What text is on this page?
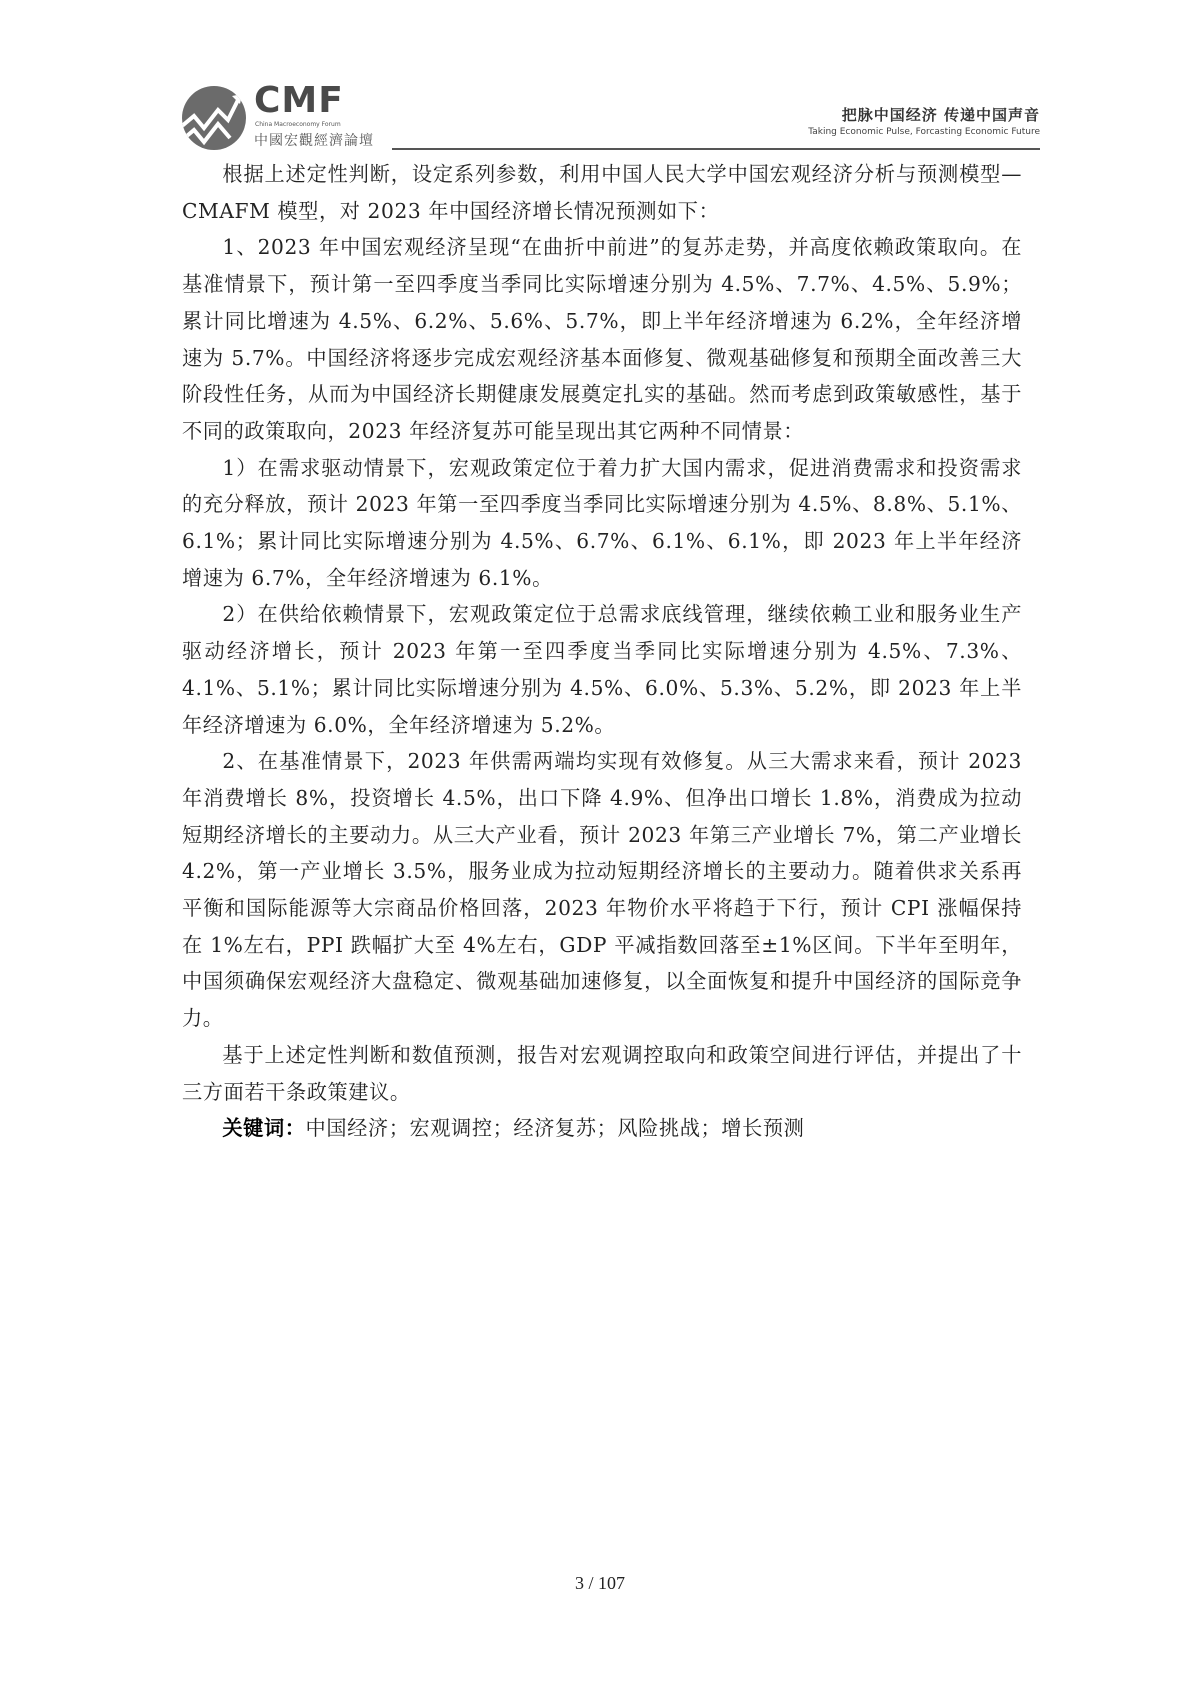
CMF
China Macroeconomy Forum
中國宏觀經濟論壇
把脉中国经济 传递中国声音
Taking Economic Pulse, Forcasting Economic Future

根据上述定性判断，设定系列参数，利用中国人民大学中国宏观经济分析与预测模型—CMAFM 模型，对 2023 年中国经济增长情况预测如下：

1、2023 年中国宏观经济呈现“在曲折中前进”的复苏走势，并高度依赖政策取向。在基准情景下，预计第一至四季度当季同比实际增速分别为 4.5%、7.7%、4.5%、5.9%；累计同比增速为 4.5%、6.2%、5.6%、5.7%，即上半年经济增速为 6.2%，全年经济增速为 5.7%。中国经济将逐步完成宏观经济基本面修复、微观基础修复和预期全面改善三大阶段性任务，从而为中国经济长期健康发展奠定扎实的基础。然而考虑到政策敏感性，基于不同的政策取向，2023 年经济复苏可能呈现出其它两种不同情景：

1）在需求驱动情景下，宏观政策定位于着力扩大国内需求，促进消费需求和投资需求的充分释放，预计 2023 年第一至四季度当季同比实际增速分别为 4.5%、8.8%、5.1%、6.1%；累计同比实际增速分别为 4.5%、6.7%、6.1%、6.1%，即 2023 年上半年经济增速为 6.7%，全年经济增速为 6.1%。

2）在供给依赖情景下，宏观政策定位于总需求底线管理，继续依赖工业和服务业生产驱动经济增长，预计 2023 年第一至四季度当季同比实际增速分别为 4.5%、7.3%、4.1%、5.1%；累计同比实际增速分别为 4.5%、6.0%、5.3%、5.2%，即 2023 年上半年经济增速为 6.0%，全年经济增速为 5.2%。

2、在基准情景下，2023 年供需两端均实现有效修复。从三大需求来看，预计 2023 年消费增长 8%，投资增长 4.5%，出口下降 4.9%、但净出口增长 1.8%，消费成为拉动短期经济增长的主要动力。从三大产业看，预计 2023 年第三产业增长 7%，第二产业增长 4.2%，第一产业增长 3.5%，服务业成为拉动短期经济增长的主要动力。随着供求关系再平衡和国际能源等大宗商品价格回落，2023 年物价水平将趋于下行，预计 CPI 涨幅保持在 1%左右，PPI 跌幅扩大至 4%左右，GDP 平减指数回落至±1%区间。下半年至明年，中国须确保宏观经济大盘稳定、微观基础加速修复，以全面恢复和提升中国经济的国际竞争力。

基于上述定性判断和数值预测，报告对宏观调控取向和政策空间进行评估，并提出了十三方面若干条政策建议。

关键词：中国经济；宏观调控；经济复苏；风险挑战；增长预测

3 / 107
